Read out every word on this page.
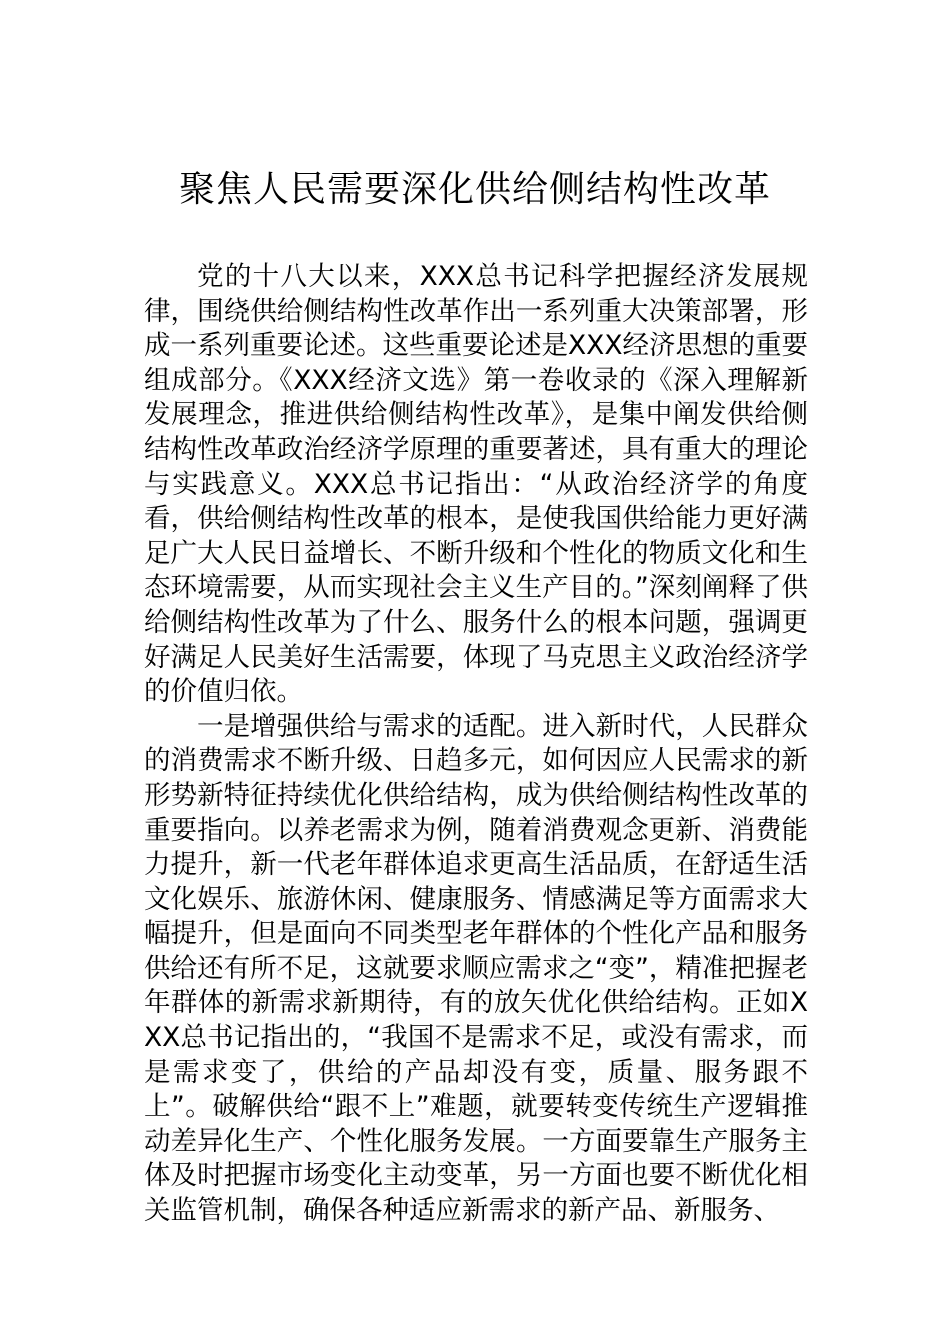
聚焦人民需要深化供给侧结构性改革

党的十八大以来，XXX总书记科学把握经济发展规律，围绕供给侧结构性改革作出一系列重大决策部署，形成一系列重要论述。这些重要论述是XXX经济思想的重要组成部分。《XXX经济文选》第一卷收录的《深入理解新发展理念，推进供给侧结构性改革》，是集中阐发供给侧结构性改革政治经济学原理的重要著述，具有重大的理论与实践意义。XXX总书记指出：“从政治经济学的角度看，供给侧结构性改革的根本，是使我国供给能力更好满足广大人民日益增长、不断升级和个性化的物质文化和生态环境需要，从而实现社会主义生产目的。”深刻阐释了供给侧结构性改革为了什么、服务什么的根本问题，强调更好满足人民美好生活需要，体现了马克思主义政治经济学的价值归依。

一是增强供给与需求的适配。进入新时代，人民群众的消费需求不断升级、日趋多元，如何因应人民需求的新形势新特征持续优化供给结构，成为供给侧结构性改革的重要指向。以养老需求为例，随着消费观念更新、消费能力提升，新一代老年群体追求更高生活品质，在舒适生活文化娱乐、旅游休闲、健康服务、情感满足等方面需求大幅提升，但是面向不同类型老年群体的个性化产品和服务供给还有所不足，这就要求顺应需求之“变”，精准把握老年群体的新需求新期待，有的放矢优化供给结构。正如XXX总书记指出的，“我国不是需求不足，或没有需求，而是需求变了，供给的产品却没有变，质量、服务跟不上”。破解供给“跟不上”难题，就要转变传统生产逻辑推动差异化生产、个性化服务发展。一方面要靠生产服务主体及时把握市场变化主动变革，另一方面也要不断优化相关监管机制，确保各种适应新需求的新产品、新服务、
